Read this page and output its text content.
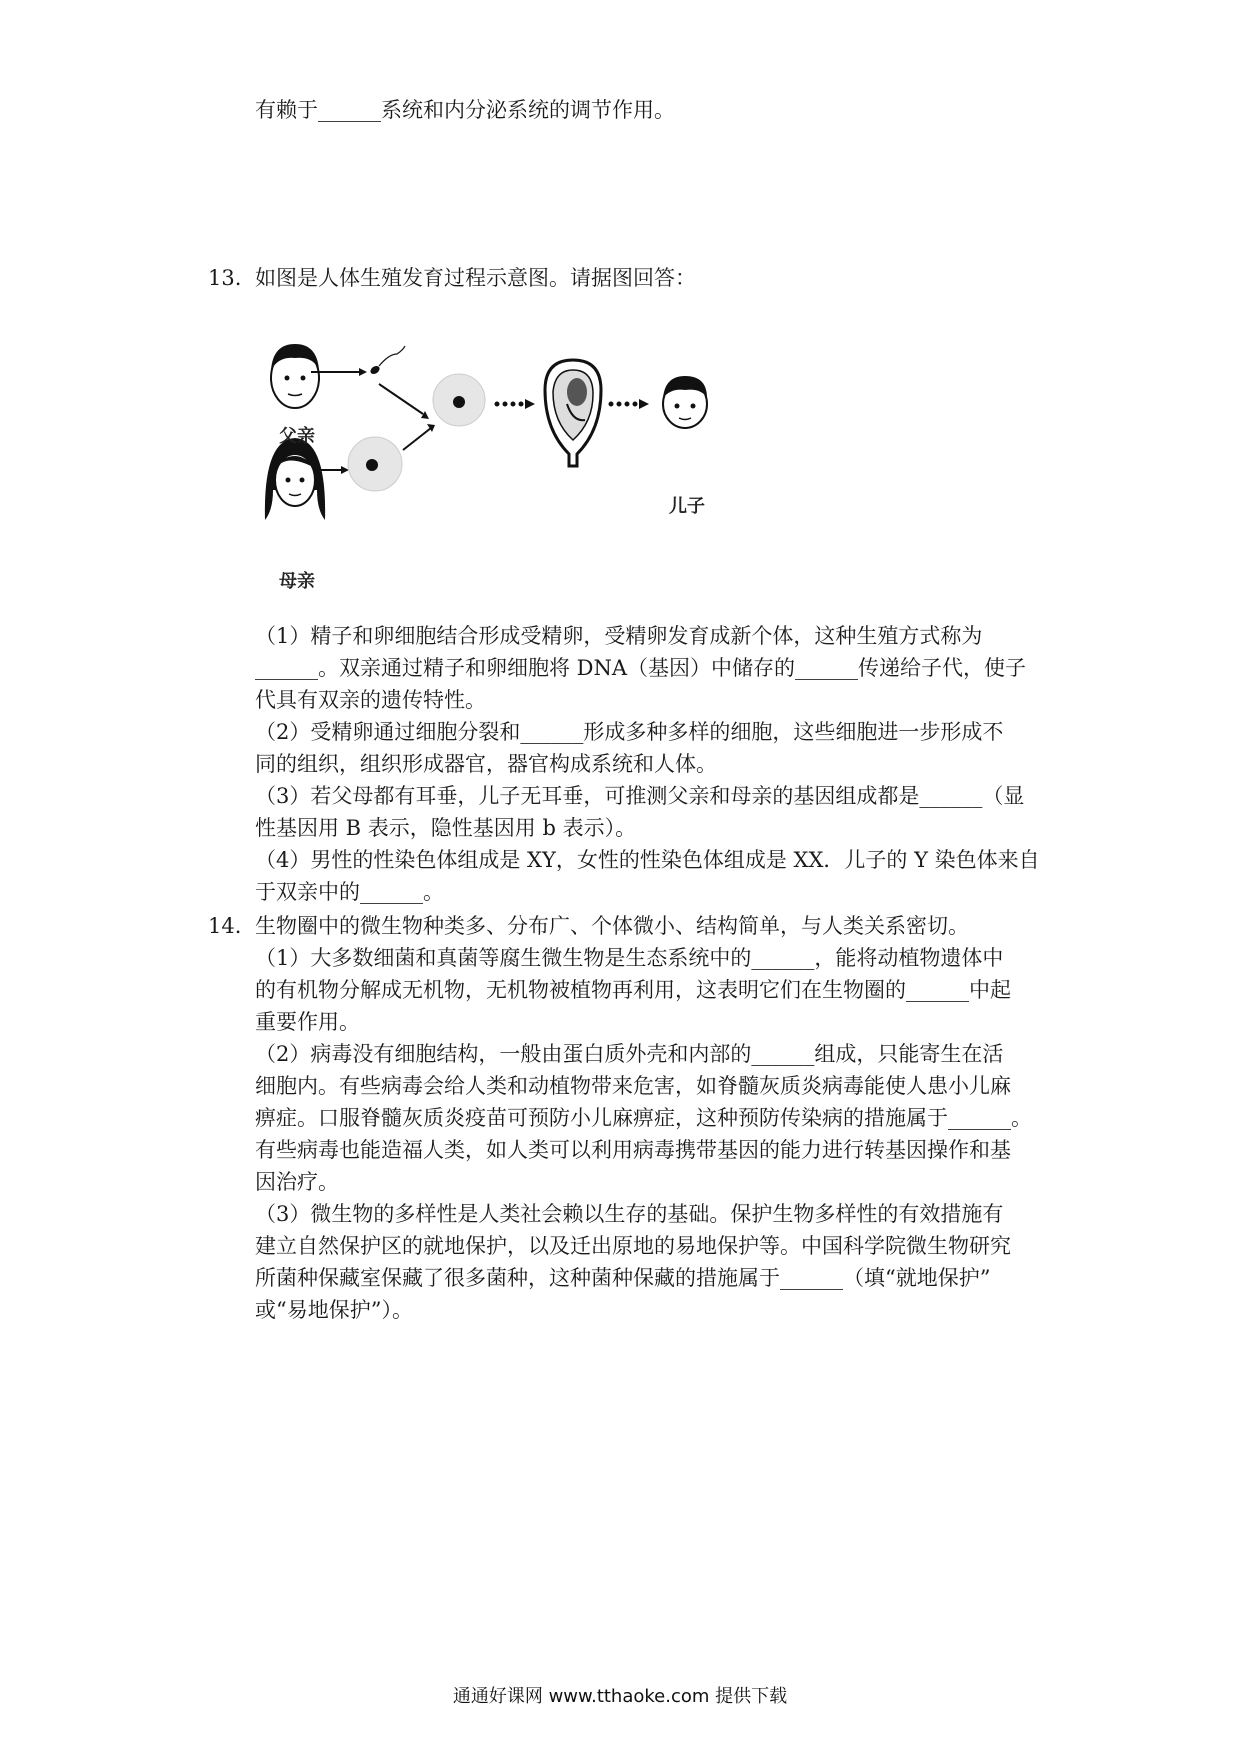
有赖于______系统和内分泌系统的调节作用。
13. 如图是人体生殖发育过程示意图。请据图回答：
父亲
母亲
儿子
（1）精子和卵细胞结合形成受精卵，受精卵发育成新个体，这种生殖方式称为
______。双亲通过精子和卵细胞将 DNA（基因）中储存的______传递给子代，使子
代具有双亲的遗传特性。
（2）受精卵通过细胞分裂和______形成多种多样的细胞，这些细胞进一步形成不
同的组织，组织形成器官，器官构成系统和人体。
（3）若父母都有耳垂，儿子无耳垂，可推测父亲和母亲的基因组成都是______（显
性基因用 B 表示，隐性基因用 b 表示）。
（4）男性的性染色体组成是 XY，女性的性染色体组成是 XX．儿子的 Y 染色体来自
于双亲中的______。
14. 生物圈中的微生物种类多、分布广、个体微小、结构简单，与人类关系密切。
（1）大多数细菌和真菌等腐生微生物是生态系统中的______，能将动植物遗体中
的有机物分解成无机物，无机物被植物再利用，这表明它们在生物圈的______中起
重要作用。
（2）病毒没有细胞结构，一般由蛋白质外壳和内部的______组成，只能寄生在活
细胞内。有些病毒会给人类和动植物带来危害，如脊髓灰质炎病毒能使人患小儿麻
痹症。口服脊髓灰质炎疫苗可预防小儿麻痹症，这种预防传染病的措施属于______。
有些病毒也能造福人类，如人类可以利用病毒携带基因的能力进行转基因操作和基
因治疗。
（3）微生物的多样性是人类社会赖以生存的基础。保护生物多样性的有效措施有
建立自然保护区的就地保护，以及迁出原地的易地保护等。中国科学院微生物研究
所菌种保藏室保藏了很多菌种，这种菌种保藏的措施属于______（填“就地保护”
或“易地保护”）。
通通好课网 www.tthaoke.com 提供下载
